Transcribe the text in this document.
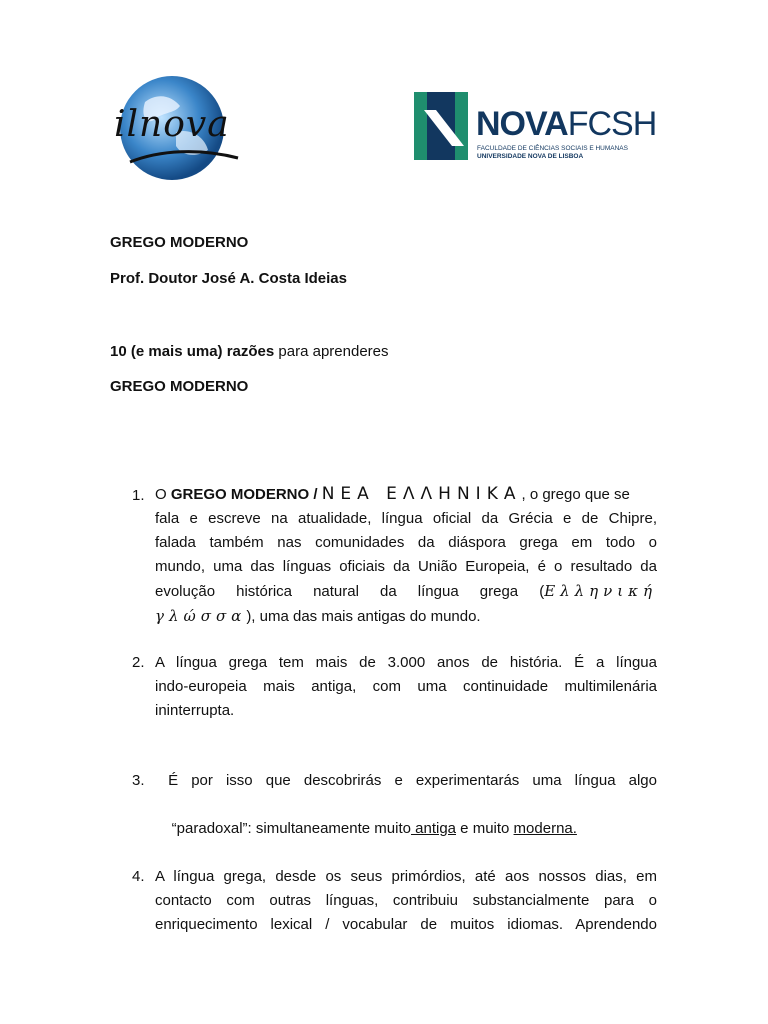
ilnova	NOVAFCSH
FACULDADE DE CIÊNCIAS SOCIAIS E HUMANAS
UNIVERSIDADE NOVA DE LISBOA
GREGO MODERNO
Prof. Doutor José A. Costa Ideias
10 (e mais uma) razões para aprenderes
GREGO MODERNO
1. O GREGO MODERNO / ΝΕΑ ΕΛΛΗΝΙΚΑ, o grego que se
fala e escreve na atualidade, língua oficial da Grécia e de Chipre,
falada também nas comunidades da diáspora grega em todo o
mundo, uma das línguas oficiais da União Europeia, é o resultado da
evolução histórica natural da língua grega (Ελληνική
γλώσσα), uma das mais antigas do mundo.
2. A língua grega tem mais de 3.000 anos de história. É a língua
indo-europeia mais antiga, com uma continuidade multimilenária
ininterrupta.
3. É por isso que descobrirás e experimentarás uma língua algo

“paradoxal”: simultaneamente muito antiga e muito moderna.

4. A língua grega, desde os seus primórdios, até aos nossos dias, em
contacto com outras línguas, contribuiu substancialmente para o
enriquecimento lexical / vocabular de muitos idiomas. Aprendendo
